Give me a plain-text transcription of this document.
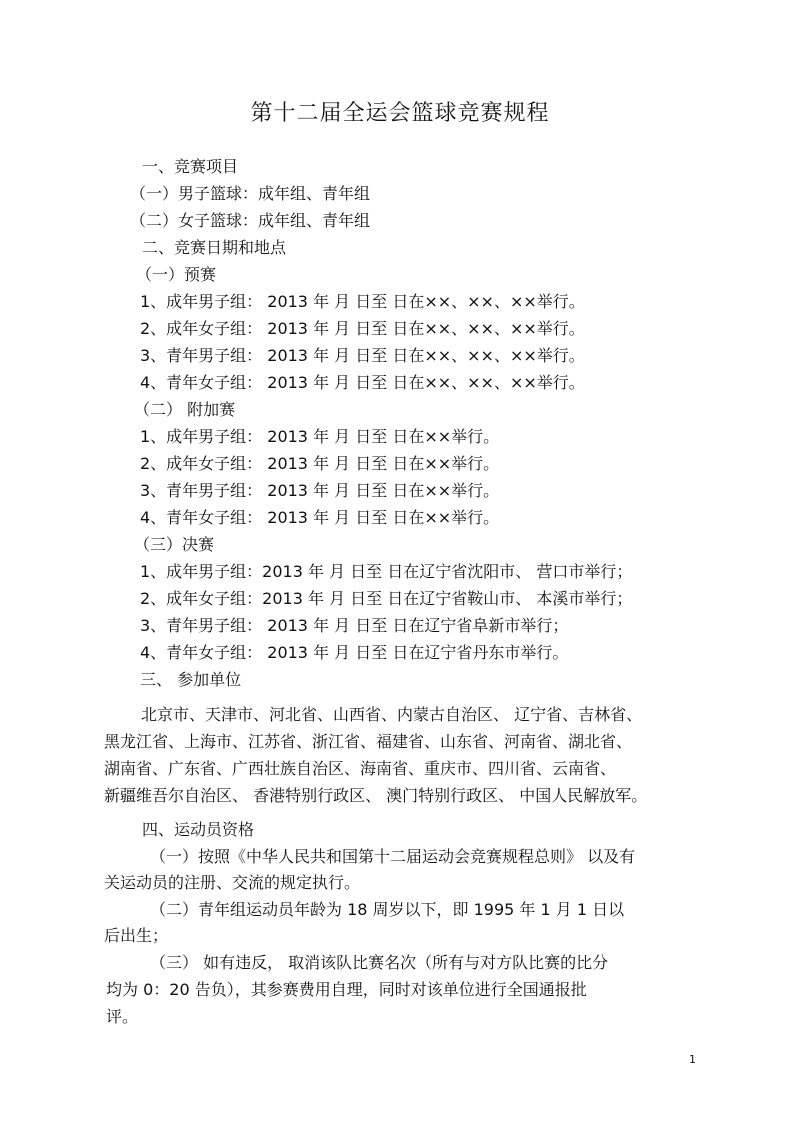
第十二届全运会篮球竞赛规程
一、竞赛项目
（一）男子篮球：成年组、青年组
（二）女子篮球：成年组、青年组
二、竞赛日期和地点
（一）预赛
1、成年男子组： 2013 年 月 日至 日在××、××、××举行。
2、成年女子组： 2013 年 月 日至 日在××、××、××举行。
3、青年男子组： 2013 年 月 日至 日在××、××、××举行。
4、青年女子组： 2013 年 月 日至 日在××、××、××举行。
（二） 附加赛
1、成年男子组： 2013 年 月 日至 日在××举行。
2、成年女子组： 2013 年 月 日至 日在××举行。
3、青年男子组： 2013 年 月 日至 日在××举行。
4、青年女子组： 2013 年 月 日至 日在××举行。
（三）决赛
1、成年男子组：2013 年 月 日至 日在辽宁省沈阳市、 营口市举行；
2、成年女子组：2013 年 月 日至 日在辽宁省鞍山市、 本溪市举行；
3、青年男子组： 2013 年 月 日至 日在辽宁省阜新市举行；
4、青年女子组： 2013 年 月 日至 日在辽宁省丹东市举行。
三、 参加单位
北京市、天津市、河北省、山西省、内蒙古自治区、 辽宁省、吉林省、
黑龙江省、上海市、江苏省、浙江省、福建省、山东省、河南省、湖北省、
湖南省、广东省、广西壮族自治区、海南省、重庆市、四川省、云南省、
新疆维吾尔自治区、 香港特别行政区、 澳门特别行政区、 中国人民解放军。
四、运动员资格
（一）按照《中华人民共和国第十二届运动会竞赛规程总则》 以及有
关运动员的注册、交流的规定执行。
（二）青年组运动员年龄为 18 周岁以下，即 1995 年 1 月 1 日以
后出生；
（三） 如有违反， 取消该队比赛名次（所有与对方队比赛的比分
均为 0：20 告负），其参赛费用自理，同时对该单位进行全国通报批
评。
1
